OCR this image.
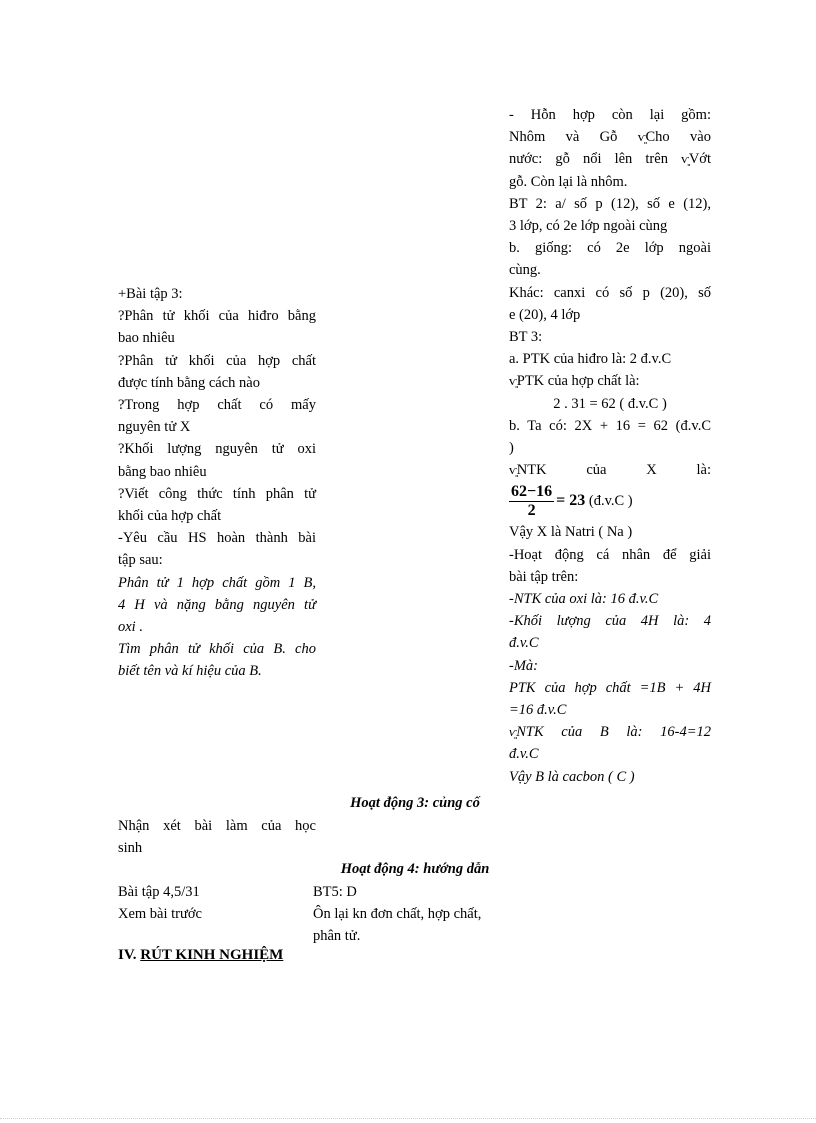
+Bài tập 3:

?Phân tử khối của hiđro bằng

bao nhiêu

?Phân tử khối của hợp chất

được tính bằng cách nào

?Trong hợp chất có mấy

nguyên tử X

?Khối lượng nguyên tử oxi

bằng bao nhiêu

?Viết công thức tính phân tử

khối của hợp chất

-Yêu cầu HS hoàn thành bài

tập sau:

Phân tử 1 hợp chất gồm 1 B,

4 H và nặng bằng nguyên tử

oxi .

Tìm phân tử khối của B. cho

biết tên và kí hiệu của B.

- Hỗn hợp còn lại gồm:

Nhôm và Gỗ ⱱ͈Cho vào

nước: gỗ nổi lên trên ⱱ͈Vớt

gỗ. Còn lại là nhôm.

BT 2: a/ số p (12), số e (12),

3 lớp, có 2e lớp ngoài cùng

b. giống: có 2e lớp ngoài

cùng.

Khác: canxi có số p (20), số

e (20), 4 lớp

BT 3:

a. PTK của hiđro là: 2 đ.v.C

ⱱ͈PTK của hợp chất là:

2 . 31 = 62 ( đ.v.C )

b. Ta có: 2X + 16 = 62 (đ.v.C

)

ⱱ͈NTK	của	X	là:

$\frac{62-16}{2} = 23$ (đ.v.C )

Vậy X là Natri ( Na )

-Hoạt động cá nhân để giải

bài tập trên:

-NTK của oxi là: 16 đ.v.C

-Khối lượng của 4H là: 4

đ.v.C

-Mà:

PTK của hợp chất =1B + 4H

=16 đ.v.C

ⱱ͈NTK của B là: 16-4=12

đ.v.C

Vậy B là cacbon ( C )

Hoạt động 3: củng cố
Nhận xét bài làm của học
sinh
Hoạt động 4: hướng dẫn
Bài tập 4,5/31	BT5: D
Xem bài trước	Ôn lại kn đơn chất, hợp chất,
phân tử.
IV. RÚT KINH NGHIỆM
